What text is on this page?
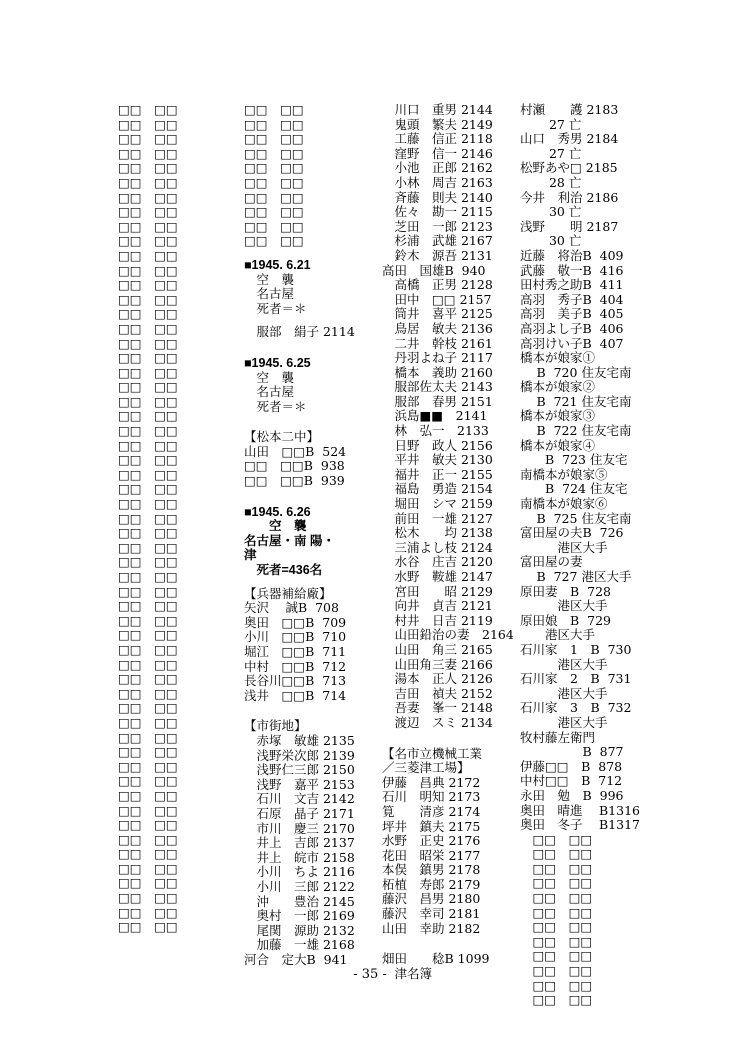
□□　□□
□□　□□
□□　□□
□□　□□
□□　□□
□□　□□
□□　□□
□□　□□
□□　□□
□□　□□
□□　□□
□□　□□
□□　□□
□□　□□
□□　□□
□□　□□
□□　□□
□□　□□
□□　□□
□□　□□
□□　□□
□□　□□
□□　□□
□□　□□
□□　□□
□□　□□
□□　□□
□□　□□
□□　□□
□□　□□
□□　□□
□□　□□
□□　□□
□□　□□
□□　□□
□□　□□
□□　□□
□□　□□
□□　□□
□□　□□
□□　□□
□□　□□
□□　□□
□□　□□
□□　□□
□□　□□
□□　□□
□□　□□
□□　□□
□□　□□
□□　□□
□□　□□
□□　□□
□□　□□
□□　□□
□□　□□
□□　□□
□□　□□
□□　□□
□□　□□
□□　□□
□□　□□
□□　□□
□□　□□
□□　□□
□□　□□
□□　□□
■1945. 6.21
　空　襲
　名古屋
　死者＝＊
　服部　絹子 2114
■1945. 6.25
　空　襲
　名古屋
　死者＝＊
【松本二中】
山田　□□B  524
□□　□□B  938
□□　□□B  939
■1945. 6.26
　　空　襲
名古屋・南 陽・
津
　死者=436名
【兵器補給廠】
矢沢　 誠B  708
奥田　□□B  709
小川　□□B  710
堀江　□□B  711
中村　□□B  712
長谷川□□B  713
浅井　□□B  714
【市街地】
　赤塚　敏雄 2135
　浅野栄次郎 2139
　浅野仁三郎 2150
　浅野　嘉平 2153
　石川　文吉 2142
　石原　晶子 2171
　市川　慶三 2170
　井上　吉郎 2137
　井上　皖市 2158
　小川　ちよ 2116
　小川　三郎 2122
　沖　　豊治 2145
　奥村　一郎 2169
　尾関　源助 2132
　加藤　一雄 2168
河合　定大B  941
　川口　重男 2144
　鬼頭　繁夫 2149
　工藤　信正 2118
　窪野　信一 2146
　小池　正郎 2162
　小林　周吉 2163
　斉藤　則夫 2140
　佐々　勘一 2115
　芝田　一郎 2123
　杉浦　武雄 2167
　鈴木　源吾 2131
高田　国雄B  940
　高橋　正男 2128
　田中　□□ 2157
　筒井　喜平 2125
　鳥居　敏夫 2136
　二井　幹枝 2161
　丹羽よね子 2117
　橋本　義助 2160
　服部佐太夫 2143
　服部　春男 2151
　浜島■■　2141
　林　弘一　2133
　日野　政人 2156
　平井　敏夫 2130
　福井　正一 2155
　福島　勇造 2154
　堀田　シマ 2159
　前田　一雄 2127
　松木　　均 2138
　三浦よし枝 2124
　水谷　庄吉 2120
　水野　鞍雄 2147
　宮田　　昭 2129
　向井　貞吉 2121
　村井　日吉 2119
　山田鉛治の妻　2164
　山田　角三 2165
　山田角三妻 2166
　湯本　正人 2126
　吉田　禎夫 2152
　吾妻　峯一 2148
　渡辺　スミ 2134
【名市立機械工業
／三菱津工場】
伊藤　昌典 2172
石川　明知 2173
筧　　清彦 2174
坪井　鎮夫 2175
水野　正史 2176
花田　昭栄 2177
本俣　鎮男 2178
柘植　寿郎 2179
藤沢　昌男 2180
藤沢　幸司 2181
山田　幸助 2182
畑田　　稔B 1099
　津名簿
村瀬　　護 2183
　　 27 亡
山口　秀男 2184
　　 27 亡
松野あや□ 2185
　　 28 亡
今井　利治 2186
　　 30 亡
浅野　　明 2187
　　 30 亡
近藤　将治B  409
武藤　敬一B  416
田村秀之助B  411
高羽　秀子B  404
高羽　美子B  405
高羽よし子B  406
高羽けい子B  407
橋本が娘家①
　 B  720 住友宅南
橋本が娘家②
　 B  721 住友宅南
橋本が娘家③
　 B  722 住友宅南
橋本が娘家④
　　B  723 住友宅
南橋本が娘家⑤
　　B  724 住友宅
南橋本が娘家⑥
　 B  725 住友宅南
富田屋の夫B  726
　　　港区大手
富田屋の妻
　 B  727 港区大手
原田妻　B  728
　　　港区大手
原田娘　B  729
　　港区大手
石川家　1　B  730
　　　港区大手
石川家　2　B  731
　　　港区大手
石川家　3　B  732
　　　港区大手
牧村藤左衛門
　　　　　B  877
伊藤□□　B  878
中村□□　B  712
永田　勉　B  996
奥田　晴進　 B1316
奥田　冬子　 B1317
　□□　□□
　□□　□□
　□□　□□
　□□　□□
　□□　□□
　□□　□□
　□□　□□
　□□　□□
　□□　□□
　□□　□□
　□□　□□
　□□　□□
- 35 -
